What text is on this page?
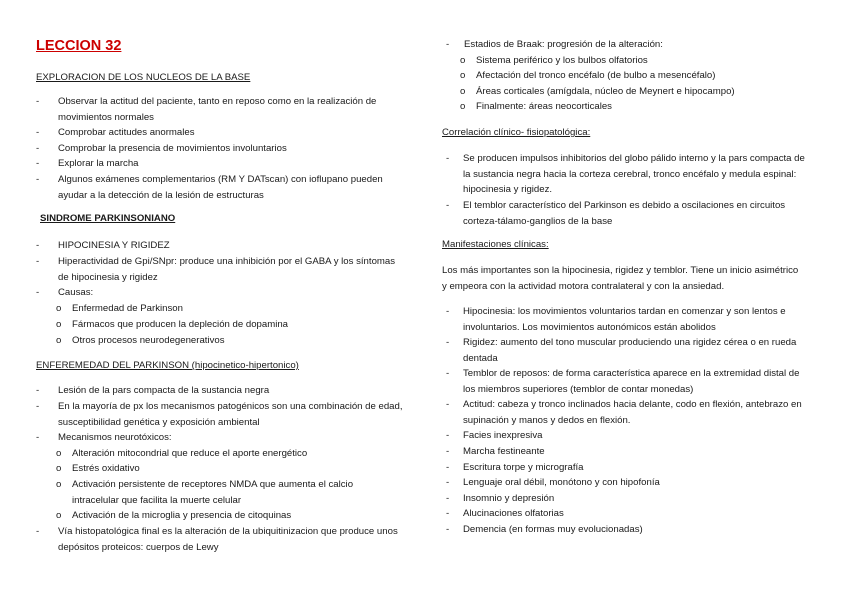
LECCION 32

EXPLORACION DE LOS NUCLEOS DE LA BASE

- Observar la actitud del paciente, tanto en reposo como en la realización de movimientos normales
- Comprobar actitudes anormales
- Comprobar la presencia de movimientos involuntarios
- Explorar la marcha
- Algunos exámenes complementarios (RM Y DATscan) con ioflupano pueden ayudar a la detección de la lesión de estructuras

SINDROME PARKINSONIANO

- HIPOCINESIA Y RIGIDEZ
- Hiperactividad de Gpi/SNpr: produce una inhibición por el GABA y los síntomas de hipocinesia y rigidez
- Causas:
o Enfermedad de Parkinson
o Fármacos que producen la depleción de dopamina
o Otros procesos neurodegenerativos

ENFEREMEDAD DEL PARKINSON (hipocinetico-hipertonico)

- Lesión de la pars compacta de la sustancia negra
- En la mayoría de px los mecanismos patogénicos son una combinación de edad, susceptibilidad genética y exposición ambiental
- Mecanismos neurotóxicos:
o Alteración mitocondrial que reduce el aporte energético
o Estrés oxidativo
o Activación persistente de receptores NMDA que aumenta el calcio intracelular que facilita la muerte celular
o Activación de la microglia y presencia de citoquinas
- Vía histopatológica final es la alteración de la ubiquitinizacion que produce unos depósitos proteicos: cuerpos de Lewy
- Estadios de Braak: progresión de la alteración:
o Sistema periférico y los bulbos olfatorios
o Afectación del tronco encéfalo (de bulbo a mesencéfalo)
o Áreas corticales (amígdala, núcleo de Meynert e hipocampo)
o Finalmente: áreas neocorticales

Correlación clínico- fisiopatológica:

- Se producen impulsos inhibitorios del globo pálido interno y la pars compacta de la sustancia negra hacia la corteza cerebral, tronco encéfalo y medula espinal: hipocinesia y rigidez.
- El temblor característico del Parkinson es debido a oscilaciones en circuitos corteza-tálamo-ganglios de la base

Manifestaciones clínicas:

Los más importantes son la hipocinesia, rigidez y temblor. Tiene un inicio asimétrico y empeora con la actividad motora contralateral y con la ansiedad.

- Hipocinesia: los movimientos voluntarios tardan en comenzar y son lentos e involuntarios. Los movimientos autonómicos están abolidos
- Rigidez: aumento del tono muscular produciendo una rigidez cérea o en rueda dentada
- Temblor de reposos: de forma característica aparece en la extremidad distal de los miembros superiores (temblor de contar monedas)
- Actitud: cabeza y tronco inclinados hacia delante, codo en flexión, antebrazo en supinación y manos y dedos en flexión.
- Facies inexpresiva
- Marcha festineante
- Escritura torpe y micrografía
- Lenguaje oral débil, monótono y con hipofonía
- Insomnio y depresión
- Alucinaciones olfatorias
- Demencia (en formas muy evolucionadas)
